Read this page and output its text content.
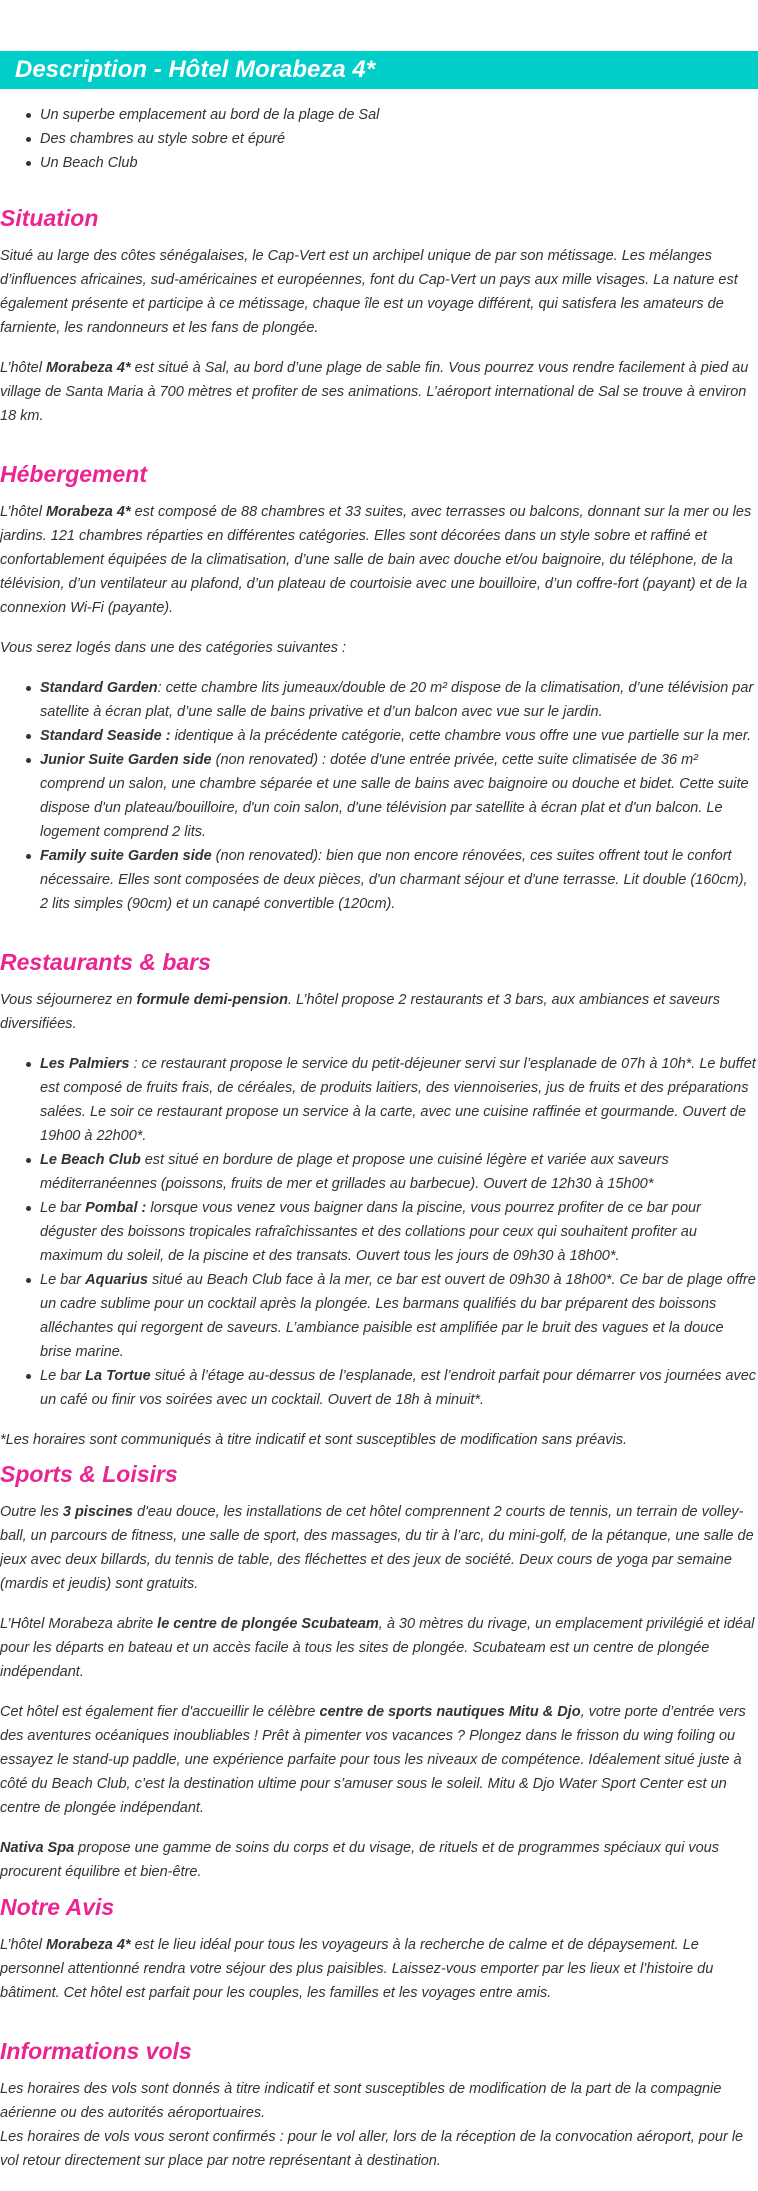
Description - Hôtel Morabeza 4*
Un superbe emplacement au bord de la plage de Sal
Des chambres au style sobre et épuré
Un Beach Club
Situation

Situé au large des côtes sénégalaises, le Cap-Vert est un archipel unique de par son métissage. Les mélanges d’influences africaines, sud-américaines et européennes, font du Cap-Vert un pays aux mille visages. La nature est également présente et participe à ce métissage, chaque île est un voyage différent, qui satisfera les amateurs de farniente, les randonneurs et les fans de plongée.

L’hôtel Morabeza 4* est situé à Sal, au bord d’une plage de sable fin. Vous pourrez vous rendre facilement à pied au village de Santa Maria à 700 mètres et profiter de ses animations. L’aéroport international de Sal se trouve à environ 18 km.

Hébergement

L’hôtel Morabeza 4* est composé de 88 chambres et 33 suites, avec terrasses ou balcons, donnant sur la mer ou les jardins. 121 chambres réparties en différentes catégories. Elles sont décorées dans un style sobre et raffiné et confortablement équipées de la climatisation, d’une salle de bain avec douche et/ou baignoire, du téléphone, de la télévision, d’un ventilateur au plafond, d’un plateau de courtoisie avec une bouilloire, d’un coffre-fort (payant) et de la connexion Wi-Fi (payante).

Vous serez logés dans une des catégories suivantes :

Standard Garden: cette chambre lits jumeaux/double de 20 m² dispose de la climatisation, d’une télévision par satellite à écran plat, d’une salle de bains privative et d’un balcon avec vue sur le jardin.
Standard Seaside : identique à la précédente catégorie, cette chambre vous offre une vue partielle sur la mer.
Junior Suite Garden side (non renovated) : dotée d'une entrée privée, cette suite climatisée de 36 m² comprend un salon, une chambre séparée et une salle de bains avec baignoire ou douche et bidet. Cette suite dispose d'un plateau/bouilloire, d'un coin salon, d'une télévision par satellite à écran plat et d'un balcon. Le logement comprend 2 lits.
Family suite Garden side (non renovated): bien que non encore rénovées, ces suites offrent tout le confort nécessaire. Elles sont composées de deux pièces, d'un charmant séjour et d'une terrasse. Lit double (160cm), 2 lits simples (90cm) et un canapé convertible (120cm).
Restaurants & bars

Vous séjournerez en formule demi-pension. L’hôtel propose 2 restaurants et 3 bars, aux ambiances et saveurs diversifiées.

Les Palmiers : ce restaurant propose le service du petit-déjeuner servi sur l’esplanade de 07h à 10h*. Le buffet est composé de fruits frais, de céréales, de produits laitiers, des viennoiseries, jus de fruits et des préparations salées. Le soir ce restaurant propose un service à la carte, avec une cuisine raffinée et gourmande. Ouvert de 19h00 à 22h00*.
Le Beach Club est situé en bordure de plage et propose une cuisiné légère et variée aux saveurs méditerranéennes (poissons, fruits de mer et grillades au barbecue). Ouvert de 12h30 à 15h00*
Le bar Pombal : lorsque vous venez vous baigner dans la piscine, vous pourrez profiter de ce bar pour déguster des boissons tropicales rafraîchissantes et des collations pour ceux qui souhaitent profiter au maximum du soleil, de la piscine et des transats. Ouvert tous les jours de 09h30 à 18h00*.
Le bar Aquarius situé au Beach Club face à la mer, ce bar est ouvert de 09h30 à 18h00*. Ce bar de plage offre un cadre sublime pour un cocktail après la plongée. Les barmans qualifiés du bar préparent des boissons alléchantes qui regorgent de saveurs. L’ambiance paisible est amplifiée par le bruit des vagues et la douce brise marine.
Le bar La Tortue situé à l’étage au-dessus de l’esplanade, est l’endroit parfait pour démarrer vos journées avec un café ou finir vos soirées avec un cocktail. Ouvert de 18h à minuit*.

*Les horaires sont communiqués à titre indicatif et sont susceptibles de modification sans préavis.

Sports & Loisirs

Outre les 3 piscines d'eau douce, les installations de cet hôtel comprennent 2 courts de tennis, un terrain de volley-ball, un parcours de fitness, une salle de sport, des massages, du tir à l’arc, du mini-golf, de la pétanque, une salle de jeux avec deux billards, du tennis de table, des fléchettes et des jeux de société. Deux cours de yoga par semaine (mardis et jeudis) sont gratuits.

L’Hôtel Morabeza abrite le centre de plongée Scubateam, à 30 mètres du rivage, un emplacement privilégié et idéal pour les départs en bateau et un accès facile à tous les sites de plongée. Scubateam est un centre de plongée indépendant.

Cet hôtel est également fier d'accueillir le célèbre centre de sports nautiques Mitu & Djo, votre porte d’entrée vers des aventures océaniques inoubliables ! Prêt à pimenter vos vacances ? Plongez dans le frisson du wing foiling ou essayez le stand-up paddle, une expérience parfaite pour tous les niveaux de compétence. Idéalement situé juste à côté du Beach Club, c’est la destination ultime pour s’amuser sous le soleil. Mitu & Djo Water Sport Center est un centre de plongée indépendant.

Nativa Spa propose une gamme de soins du corps et du visage, de rituels et de programmes spéciaux qui vous procurent équilibre et bien-être.

Notre Avis

L’hôtel Morabeza 4* est le lieu idéal pour tous les voyageurs à la recherche de calme et de dépaysement. Le personnel attentionné rendra votre séjour des plus paisibles. Laissez-vous emporter par les lieux et l’histoire du bâtiment. Cet hôtel est parfait pour les couples, les familles et les voyages entre amis.

Informations vols

Les horaires des vols sont donnés à titre indicatif et sont susceptibles de modification de la part de la compagnie aérienne ou des autorités aéroportuaires.

Les horaires de vols vous seront confirmés : pour le vol aller, lors de la réception de la convocation aéroport, pour le vol retour directement sur place par notre représentant à destination.
